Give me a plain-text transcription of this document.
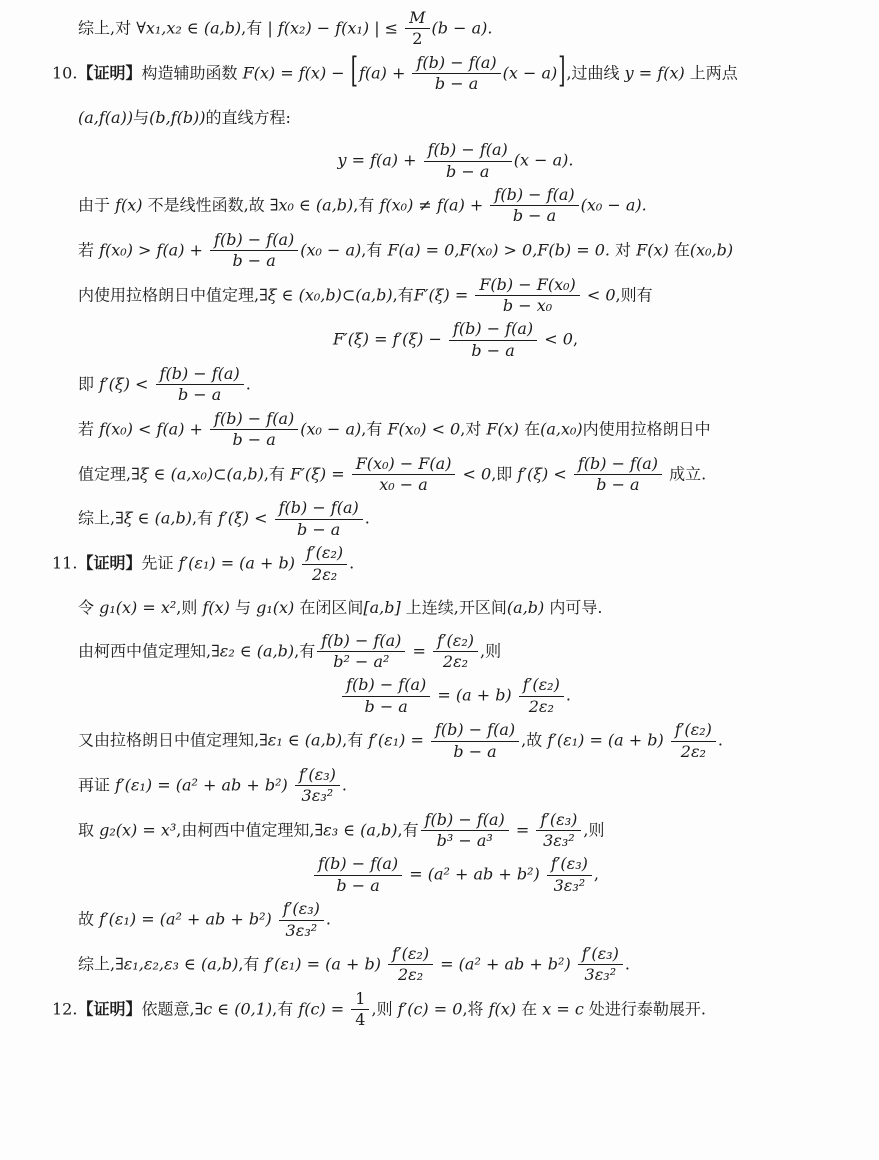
综上,对 ∀x₁,x₂ ∈ (a,b),有 | f(x₂) − f(x₁) | ≤ $\frac{M}{2} (b - a)$.
10.【证明】构造辅助函数 $F(x) = f(x) - [f(a) + \frac{f(b) - f(a)}{b - a} (x - a)]$,过曲线 y = f(x) 上两点
(a,f(a))与(b,f(b))的直线方程:
$y = f(a) + \frac{f(b) - f(a)}{b - a} (x - a)$.
由于 f(x) 不是线性函数,故 ∃x₀ ∈ (a,b),有 $f(x_0) \ne f(a) + \frac{f(b) - f(a)}{b - a} (x_0 - a)$.
若 $f(x_0) > f(a) + \frac{f(b) - f(a)}{b - a} (x_0 - a)$,有 F(a) = 0,F(x₀) > 0,F(b) = 0. 对 F(x) 在(x₀,b)
内使用拉格朗日中值定理,∃ξ ∈ (x₀,b)⊂(a,b),有$F'(\xi) = \frac{\text{F(b) − F(x₀)}}{\text{b − x₀}} < 0$,则有
$F'(\xi) = f'(\xi) - \frac{f(b) - f(a)}{b - a} < 0$,
即 $f'(\xi) < \frac{f(b) - f(a)}{b - a}$ .
若 $f(x_0) < f(a) + \frac{f(b) - f(a)}{b - a} (x_0 - a)$,有 F(x₀) < 0,对 F(x) 在(a,x₀)内使用拉格朗日中
值定理,∃ξ ∈ (a,x₀)⊂(a,b),有 $F'(\xi) = \frac{\text{F(x₀) − F(a)}}{\text{x₀ − a}} < 0$,即 $f'(\xi) < \frac{f(b) - f(a)}{b - a}$ 成立.
综上,∃ξ ∈ (a,b),有 $f'(\xi) < \frac{f(b) - f(a)}{b - a}$ .
11.【证明】先证 $f'(\varepsilon_1) = (a + b) \frac{\text{f′(ε₂)}}{\text{2ε₂}}$ .
令 g₁(x) = x²,则 f(x) 与 g₁(x) 在闭区间[a,b] 上连续,开区间(a,b) 内可导.
由柯西中值定理知,∃ε₂ ∈ (a,b),有 $\frac{f(b) - f(a)}{\text{b² − a²}} = \frac{\text{f′(ε₂)}}{\text{2ε₂}}$ ,则
$\frac{f(b) - f(a)}{b - a} = (a + b) \frac{\text{f′(ε₂)}}{\text{2ε₂}}$ .
又由拉格朗日中值定理知,∃ε₁ ∈ (a,b),有 $f'(\varepsilon_1) = \frac{f(b) - f(a)}{b - a}$ ,故 $f'(\varepsilon_1) = (a + b) \frac{\text{f′(ε₂)}}{\text{2ε₂}}$ .
再证 f′(ε₁) = (a² + ab + $b^2) \frac{\text{f′(ε₃)}}{\text{3ε₃²}}$ .
取 g₂(x) = x³,由柯西中值定理知,∃ε₃ ∈ (a,b),有 $\frac{f(b) - f(a)}{\text{b³ − a³}} = \frac{\text{f′(ε₃)}}{\text{3ε₃²}}$ ,则
$\frac{f(b) - f(a)}{b - a} = (a^2$ + ab + $b^2) \frac{\text{f′(ε₃)}}{\text{3ε₃²}}$ ,
故 f′(ε₁) = (a² + ab + $b^2) \frac{\text{f′(ε₃)}}{\text{3ε₃²}}$ .
综上,∃ε₁,ε₂,ε₃ ∈ (a,b),有 $f'(\varepsilon_1) = (a + b) \frac{\text{f′(ε₂)}}{\text{2ε₂}} = (a^2$ + ab + $b^2) \frac{\text{f′(ε₃)}}{\text{3ε₃²}}$ .
12.【证明】依题意,∃c ∈ (0,1),有 $f(c) = \frac{1}{4}$ ,则 f′(c) = 0,将 f(x) 在 x = c 处进行泰勒展开.
